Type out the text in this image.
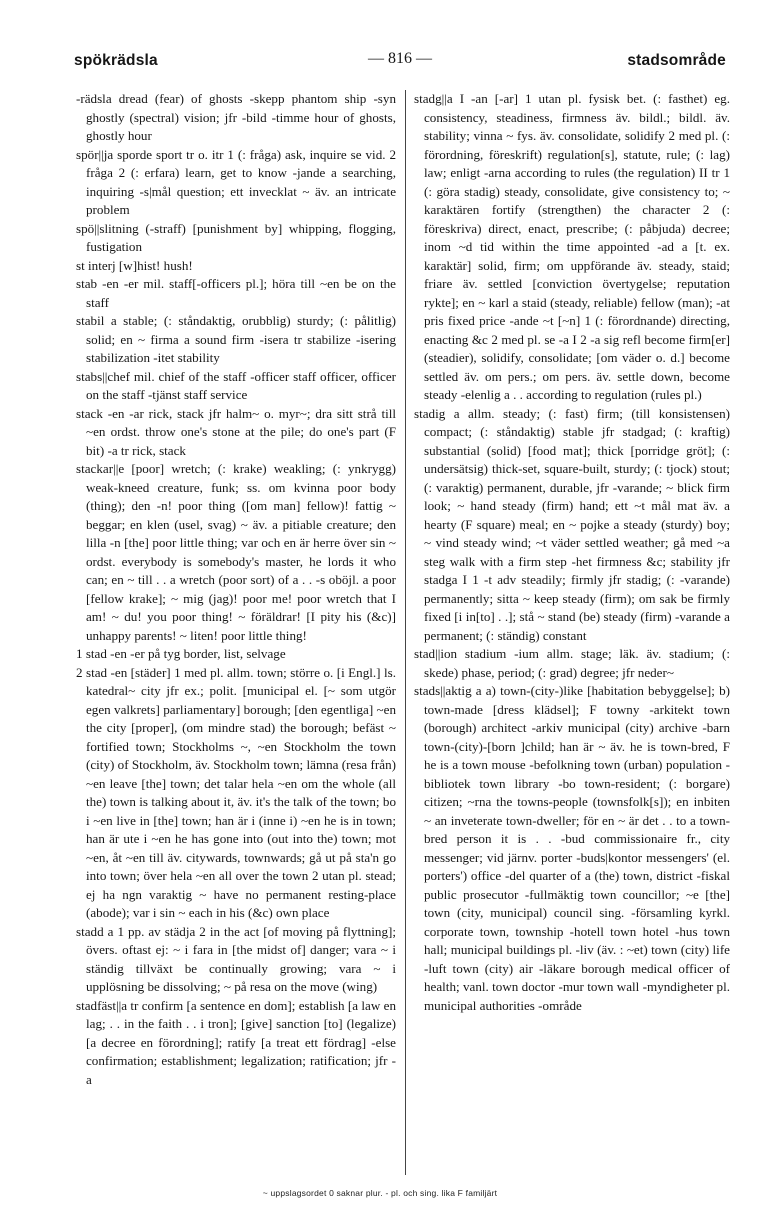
spökrädsla	— 816 —	stadsområde

-rädsla dread (fear) of ghosts -skepp phantom ship -syn ghostly (spectral) vision; jfr -bild -timme hour of ghosts, ghostly hour

spör||ja sporde sport tr o. itr 1 (: fråga) ask, inquire se vid. 2 fråga 2 (: erfara) learn, get to know -jande a searching, inquiring -s|mål question; ett invecklat ~ äv. an intricate problem

spö||slitning (-straff) [punishment by] whipping, flogging, fustigation

st interj [w]hist! hush!

stab -en -er mil. staff[-officers pl.]; höra till ~en be on the staff

stabil a stable; (: ståndaktig, orubblig) sturdy; (: pålitlig) solid; en ~ firma a sound firm -isera tr stabilize -isering stabilization -itet stability

stabs||chef mil. chief of the staff -officer staff officer, officer on the staff -tjänst staff service

stack -en -ar rick, stack jfr halm~ o. myr~; dra sitt strå till ~en ordst. throw one's stone at the pile; do one's part (F bit) -a tr rick, stack

stackar||e [poor] wretch; (: krake) weakling; (: ynkrygg) weak-kneed creature, funk; ss. om kvinna poor body (thing); den -n! poor thing ([om man] fellow)! fattig ~ beggar; en klen (usel, svag) ~ äv. a pitiable creature; den lilla -n [the] poor little thing; var och en är herre över sin ~ ordst. everybody is somebody's master, he lords it who can; en ~ till . . a wretch (poor sort) of a . . -s oböjl. a poor [fellow krake]; ~ mig (jag)! poor me! poor wretch that I am! ~ du! you poor thing! ~ föräldrar! [I pity his (&c)] unhappy parents! ~ liten! poor little thing!

1 stad -en -er på tyg border, list, selvage

2 stad -en [städer] 1 med pl. allm. town; större o. [i Engl.] ls. katedral~ city jfr ex.; polit. [municipal el. [~ som utgör egen valkrets] parliamentary] borough; [den egentliga] ~en the city [proper], (om mindre stad) the borough; befäst ~ fortified town; Stockholms ~, ~en Stockholm the town (city) of Stockholm, äv. Stockholm town; lämna (resa från) ~en leave [the] town; det talar hela ~en om the whole (all the) town is talking about it, äv. it's the talk of the town; bo i ~en live in [the] town; han är i (inne i) ~en he is in town; han är ute i ~en he has gone into (out into the) town; mot ~en, åt ~en till äv. citywards, townwards; gå ut på sta'n go into town; över hela ~en all over the town 2 utan pl. stead; ej ha ngn varaktig ~ have no permanent resting-place (abode); var i sin ~ each in his (&c) own place

stadd a 1 pp. av städja 2 in the act [of moving på flyttning]; övers. oftast ej: ~ i fara in [the midst of] danger; vara ~ i ständig tillväxt be continually growing; vara ~ i upplösning be dissolving; ~ på resa on the move (wing)

stadfäst||a tr confirm [a sentence en dom]; establish [a law en lag; . . in the faith . . i tron]; [give] sanction [to] (legalize) [a decree en förordning]; ratify [a treat ett fördrag] -else confirmation; establishment; legalization; ratification; jfr -a

stadg||a I -an [-ar] 1 utan pl. fysisk bet. (: fasthet) eg. consistency, steadiness, firmness äv. bildl.; bildl. äv. stability; vinna ~ fys. äv. consolidate, solidify 2 med pl. (: förordning, föreskrift) regulation[s], statute, rule; (: lag) law; enligt -arna according to rules (the regulation) II tr 1 (: göra stadig) steady, consolidate, give consistency to; ~ karaktären fortify (strengthen) the character 2 (: föreskriva) direct, enact, prescribe; (: påbjuda) decree; inom ~d tid within the time appointed -ad a [t. ex. karaktär] solid, firm; om uppförande äv. steady, staid; friare äv. settled [conviction övertygelse; reputation rykte]; en ~ karl a staid (steady, reliable) fellow (man); -at pris fixed price -ande ~t [~n] 1 (: förordnande) directing, enacting &c 2 med pl. se -a I 2 -a sig refl become firm[er] (steadier), solidify, consolidate; [om väder o. d.] become settled äv. om pers.; om pers. äv. settle down, become steady -elenlig a . . according to regulation (rules pl.)

stadig a allm. steady; (: fast) firm; (till konsistensen) compact; (: ståndaktig) stable jfr stadgad; (: kraftig) substantial (solid) [food mat]; thick [porridge gröt]; (: undersätsig) thick-set, square-built, sturdy; (: tjock) stout; (: varaktig) permanent, durable, jfr -varande; ~ blick firm look; ~ hand steady (firm) hand; ett ~t mål mat äv. a hearty (F square) meal; en ~ pojke a steady (sturdy) boy; ~ vind steady wind; ~t väder settled weather; gå med ~a steg walk with a firm step -het firmness &c; stability jfr stadga I 1 -t adv steadily; firmly jfr stadig; (: -varande) permanently; sitta ~ keep steady (firm); om sak be firmly fixed [i in[to] . .]; stå ~ stand (be) steady (firm) -varande a permanent; (: ständig) constant

stad||ion stadium -ium allm. stage; läk. äv. stadium; (: skede) phase, period; (: grad) degree; jfr neder~

stads||aktig a a) town-(city-)like [habitation bebyggelse]; b) town-made [dress klädsel]; F towny -arkitekt town (borough) architect -arkiv municipal (city) archive -barn town-(city)-[born ]child; han är ~ äv. he is town-bred, F he is a town mouse -befolkning town (urban) population -bibliotek town library -bo town-resident; (: borgare) citizen; ~rna the towns-people (townsfolk[s]); en inbiten ~ an inveterate town-dweller; för en ~ är det . . to a town-bred person it is . . -bud commissionaire fr., city messenger; vid järnv. porter -buds|kontor messengers' (el. porters') office -del quarter of a (the) town, district -fiskal public prosecutor -fullmäktig town councillor; ~e [the] town (city, municipal) council sing. -församling kyrkl. corporate town, township -hotell town hotel -hus town hall; municipal buildings pl. -liv (äv. : ~et) town (city) life -luft town (city) air -läkare borough medical officer of health; vanl. town doctor -mur town wall -myndigheter pl. municipal authorities -område

~ uppslagsordet 0 saknar plur. - pl. och sing. lika F familjärt
